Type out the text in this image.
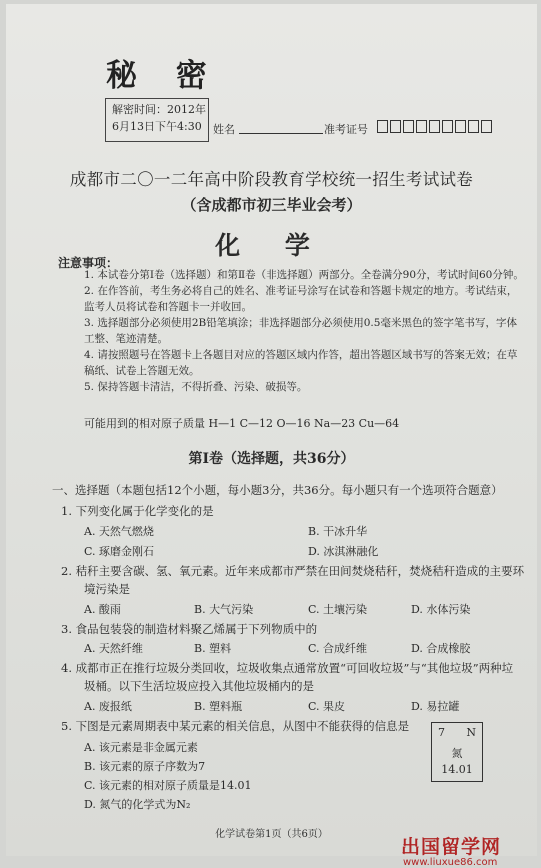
秘 密
解密时间：2012年
6月13日下午4:30	姓名	准考证号
成都市二〇一二年高中阶段教育学校统一招生考试试卷
（含成都市初三毕业会考）
化 学
注意事项：
1. 本试卷分第Ⅰ卷（选择题）和第Ⅱ卷（非选择题）两部分。全卷满分90分，考试时间60分钟。
2. 在作答前，考生务必将自己的姓名、准考证号涂写在试卷和答题卡规定的地方。考试结束，监考人员将试卷和答题卡一并收回。
3. 选择题部分必须使用2B铅笔填涂；非选择题部分必须使用0.5毫米黑色的签字笔书写，字体工整、笔迹清楚。
4. 请按照题号在答题卡上各题目对应的答题区域内作答，超出答题区域书写的答案无效；在草稿纸、试卷上答题无效。
5. 保持答题卡清洁，不得折叠、污染、破损等。
可能用到的相对原子质量 H—1 C—12 O—16 Na—23 Cu—64
第Ⅰ卷（选择题，共36分）
一、选择题（本题包括12个小题，每小题3分，共36分。每小题只有一个选项符合题意）
1. 下列变化属于化学变化的是
A. 天然气燃烧	B. 干冰升华
C. 琢磨金刚石	D. 冰淇淋融化
2. 秸秆主要含碳、氢、氧元素。近年来成都市严禁在田间焚烧秸秆，焚烧秸秆造成的主要环
境污染是
A. 酸雨	B. 大气污染	C. 土壤污染	D. 水体污染
3. 食品包装袋的制造材料聚乙烯属于下列物质中的
A. 天然纤维	B. 塑料	C. 合成纤维	D. 合成橡胶
4. 成都市正在推行垃圾分类回收，垃圾收集点通常放置“可回收垃圾”与“其他垃圾”两种垃
圾桶。以下生活垃圾应投入其他垃圾桶内的是
A. 废报纸	B. 塑料瓶	C. 果皮	D. 易拉罐
5. 下图是元素周期表中某元素的相关信息，从图中不能获得的信息是
A. 该元素是非金属元素
B. 该元素的原子序数为7
C. 该元素的相对原子质量是14.01
D. 氮气的化学式为N₂
7 N
氮
14.01
化学试卷第1页（共6页）
出国留学网
www.liuxue86.com
